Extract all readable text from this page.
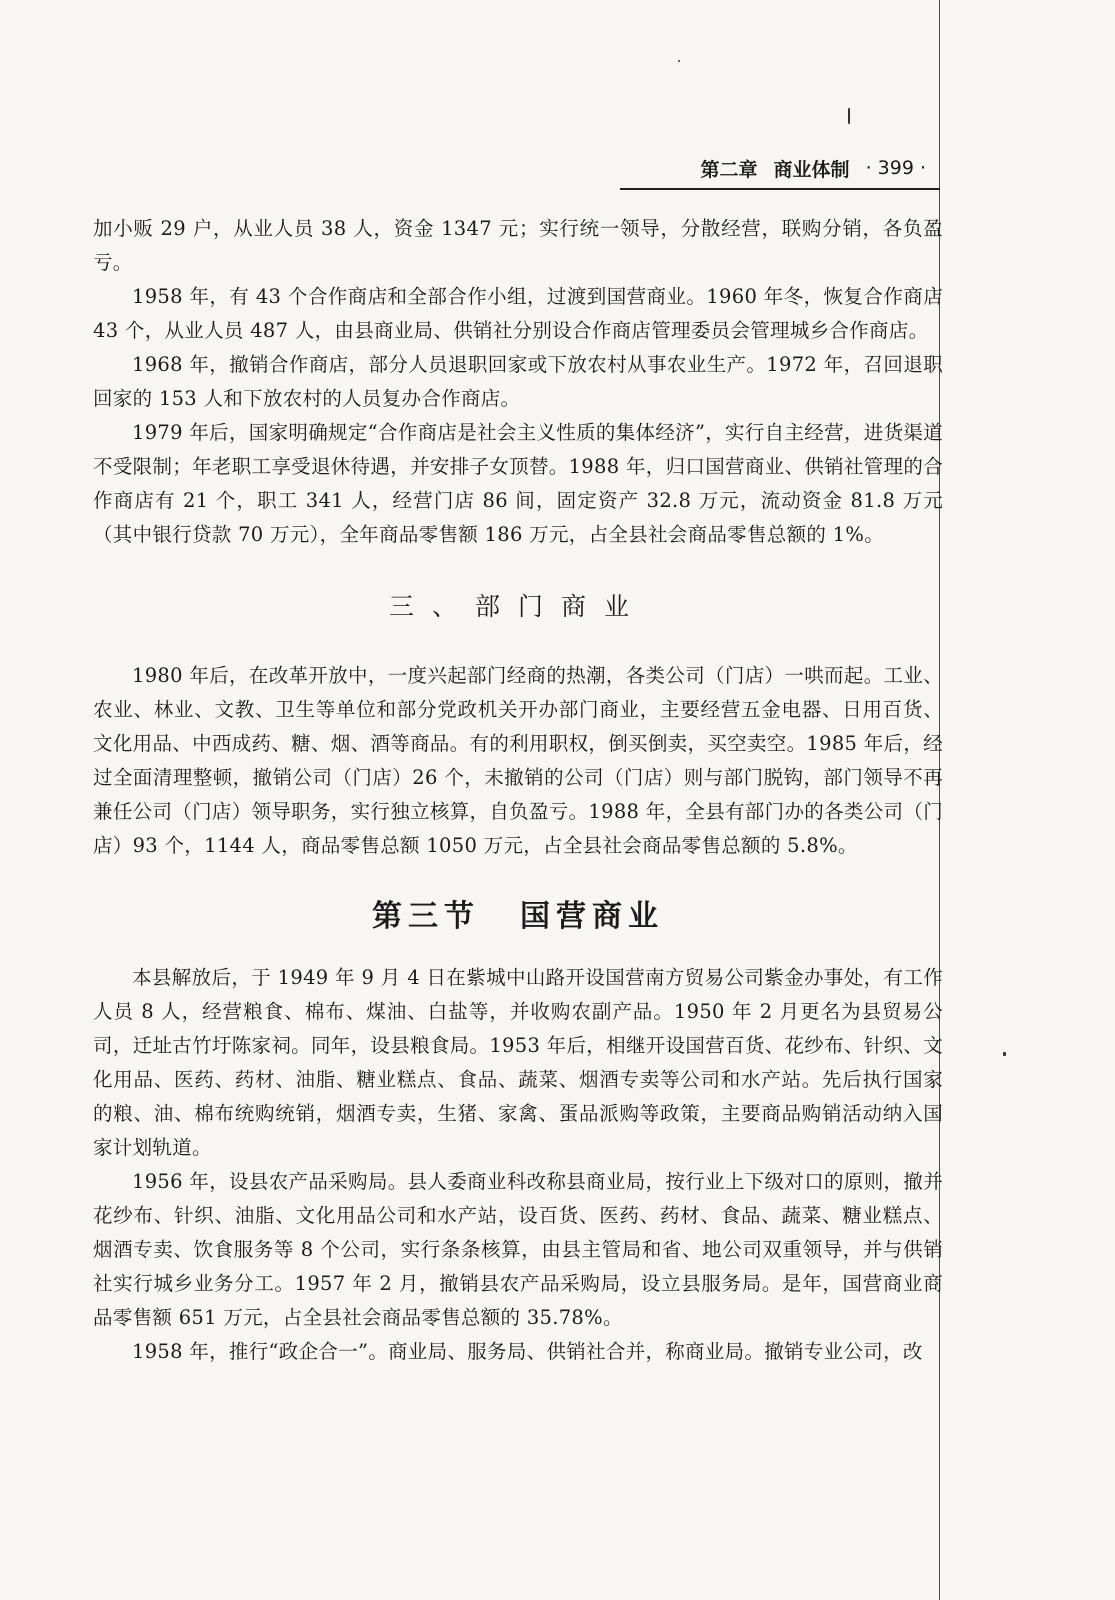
第二章 商业体制 · 399 ·

加小贩 29 户，从业人员 38 人，资金 1347 元；实行统一领导，分散经营，联购分销，各负盈亏。

1958 年，有 43 个合作商店和全部合作小组，过渡到国营商业。1960 年冬，恢复合作商店 43 个，从业人员 487 人，由县商业局、供销社分别设合作商店管理委员会管理城乡合作商店。

1968 年，撤销合作商店，部分人员退职回家或下放农村从事农业生产。1972 年，召回退职回家的 153 人和下放农村的人员复办合作商店。

1979 年后，国家明确规定“合作商店是社会主义性质的集体经济”，实行自主经营，进货渠道不受限制；年老职工享受退休待遇，并安排子女顶替。1988 年，归口国营商业、供销社管理的合作商店有 21 个，职工 341 人，经营门店 86 间，固定资产 32.8 万元，流动资金 81.8 万元（其中银行贷款 70 万元），全年商品零售额 186 万元，占全县社会商品零售总额的 1%。

三、部门商业

1980 年后，在改革开放中，一度兴起部门经商的热潮，各类公司（门店）一哄而起。工业、农业、林业、文教、卫生等单位和部分党政机关开办部门商业，主要经营五金电器、日用百货、文化用品、中西成药、糖、烟、酒等商品。有的利用职权，倒买倒卖，买空卖空。1985 年后，经过全面清理整顿，撤销公司（门店）26 个，未撤销的公司（门店）则与部门脱钩，部门领导不再兼任公司（门店）领导职务，实行独立核算，自负盈亏。1988 年，全县有部门办的各类公司（门店）93 个，1144 人，商品零售总额 1050 万元，占全县社会商品零售总额的 5.8%。

第三节 国营商业

本县解放后，于 1949 年 9 月 4 日在紫城中山路开设国营南方贸易公司紫金办事处，有工作人员 8 人，经营粮食、棉布、煤油、白盐等，并收购农副产品。1950 年 2 月更名为县贸易公司，迁址古竹圩陈家祠。同年，设县粮食局。1953 年后，相继开设国营百货、花纱布、针织、文化用品、医药、药材、油脂、糖业糕点、食品、蔬菜、烟酒专卖等公司和水产站。先后执行国家的粮、油、棉布统购统销，烟酒专卖，生猪、家禽、蛋品派购等政策，主要商品购销活动纳入国家计划轨道。

1956 年，设县农产品采购局。县人委商业科改称县商业局，按行业上下级对口的原则，撤并花纱布、针织、油脂、文化用品公司和水产站，设百货、医药、药材、食品、蔬菜、糖业糕点、烟酒专卖、饮食服务等 8 个公司，实行条条核算，由县主管局和省、地公司双重领导，并与供销社实行城乡业务分工。1957 年 2 月，撤销县农产品采购局，设立县服务局。是年，国营商业商品零售额 651 万元，占全县社会商品零售总额的 35.78%。

1958 年，推行“政企合一”。商业局、服务局、供销社合并，称商业局。撤销专业公司，改
